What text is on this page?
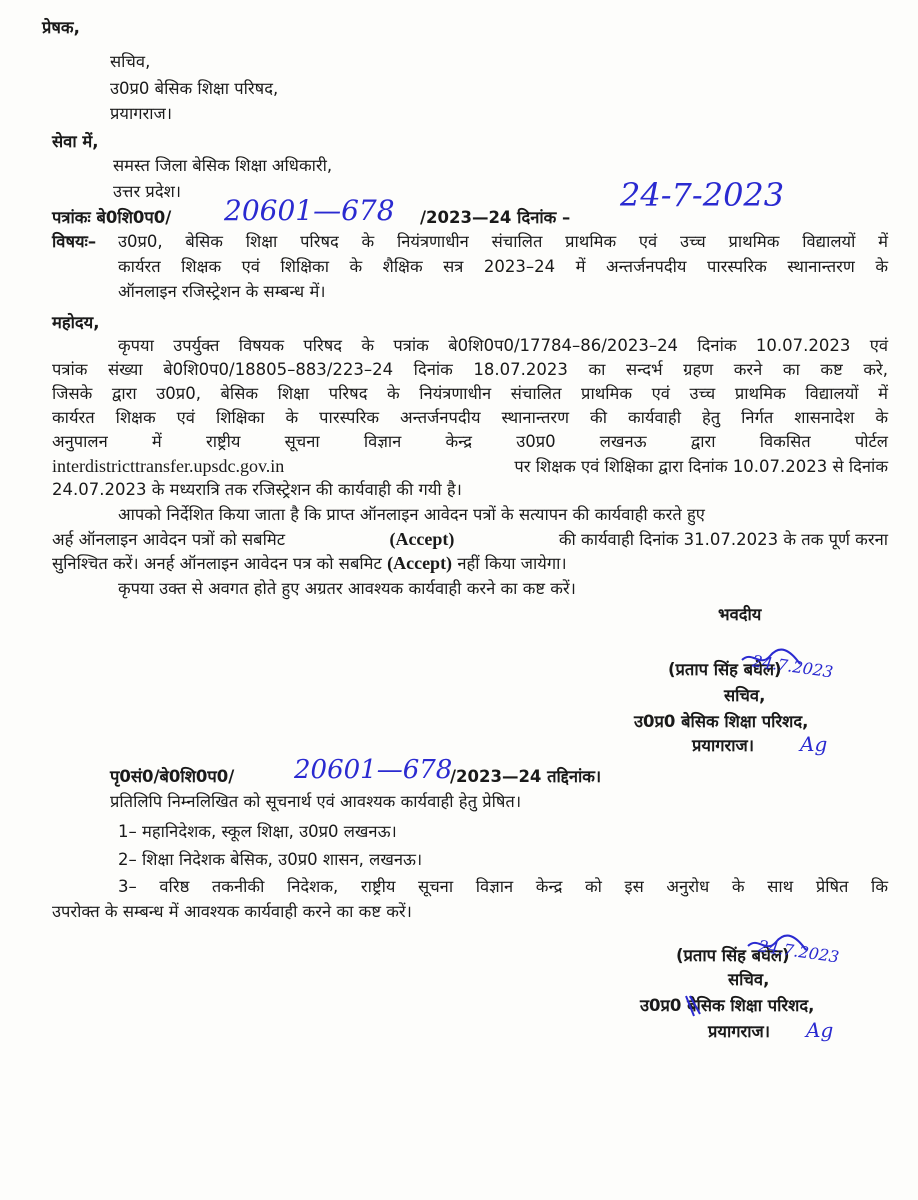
प्रेषक,
सचिव,
उ0प्र0 बेसिक शिक्षा परिषद,
प्रयागराज।
सेवा में,
समस्त जिला बेसिक शिक्षा अधिकारी,
उत्तर प्रदेश।
पत्रांकः बे0शि0प0/ 20601—678 /2023—24 दिनांक –
24-7-2023
विषयः– उ0प्र0, बेसिक शिक्षा परिषद के नियंत्रणाधीन संचालित प्राथमिक एवं उच्च प्राथमिक विद्यालयों में
कार्यरत शिक्षक एवं शिक्षिका के शैक्षिक सत्र 2023–24 में अन्तर्जनपदीय पारस्परिक स्थानान्तरण के
ऑनलाइन रजिस्ट्रेशन के सम्बन्ध में।
महोदय,
कृपया उपर्युक्त विषयक परिषद के पत्रांक बे0शि0प0/17784–86/2023–24 दिनांक 10.07.2023 एवं
पत्रांक संख्या बे0शि0प0/18805–883/223–24 दिनांक 18.07.2023 का सन्दर्भ ग्रहण करने का कष्ट करे,
जिसके द्वारा उ0प्र0, बेसिक शिक्षा परिषद के नियंत्रणाधीन संचालित प्राथमिक एवं उच्च प्राथमिक विद्यालयों में
कार्यरत शिक्षक एवं शिक्षिका के पारस्परिक अन्तर्जनपदीय स्थानान्तरण की कार्यवाही हेतु निर्गत शासनादेश के
अनुपालन में राष्ट्रीय सूचना विज्ञान केन्द्र उ0प्र0 लखनऊ द्वारा विकसित पोर्टल
interdistricttransfer.upsdc.gov.in	पर शिक्षक एवं शिक्षिका द्वारा दिनांक 10.07.2023 से दिनांक
24.07.2023 के मध्यरात्रि तक रजिस्ट्रेशन की कार्यवाही की गयी है।
आपको निर्देशित किया जाता है कि प्राप्त ऑनलाइन आवेदन पत्रों के सत्यापन की कार्यवाही करते हुए
अर्ह ऑनलाइन आवेदन पत्रों को सबमिट	(Accept)	की कार्यवाही दिनांक 31.07.2023 के तक पूर्ण करना
सुनिश्चित करें। अनर्ह ऑनलाइन आवेदन पत्र को सबमिट (Accept) नहीं किया जायेगा।
कृपया उक्त से अवगत होते हुए अग्रतर आवश्यक कार्यवाही करने का कष्ट करें।
भवदीय
(प्रताप सिंह बघेल)
24.7.2023
सचिव,
उ0प्र0 बेसिक शिक्षा परिशद,
प्रयागराज। Ag
पृ0सं0/बे0शि0प0/ 20601—678
/2023—24 तद्दिनांक।
प्रतिलिपि निम्नलिखित को सूचनार्थ एवं आवश्यक कार्यवाही हेतु प्रेषित।
1– महानिदेशक, स्कूल शिक्षा, उ0प्र0 लखनऊ।
2– शिक्षा निदेशक बेसिक, उ0प्र0 शासन, लखनऊ।
3– वरिष्ठ तकनीकी निदेशक, राष्ट्रीय सूचना विज्ञान केन्द्र को इस अनुरोध के साथ प्रेषित कि
उपरोक्त के सम्बन्ध में आवश्यक कार्यवाही करने का कष्ट करें।
(प्रताप सिंह बघेल)
24.7.2023
सचिव,
उ0प्र0 बेसिक शिक्षा परिशद,
प्रयागराज। Ag
